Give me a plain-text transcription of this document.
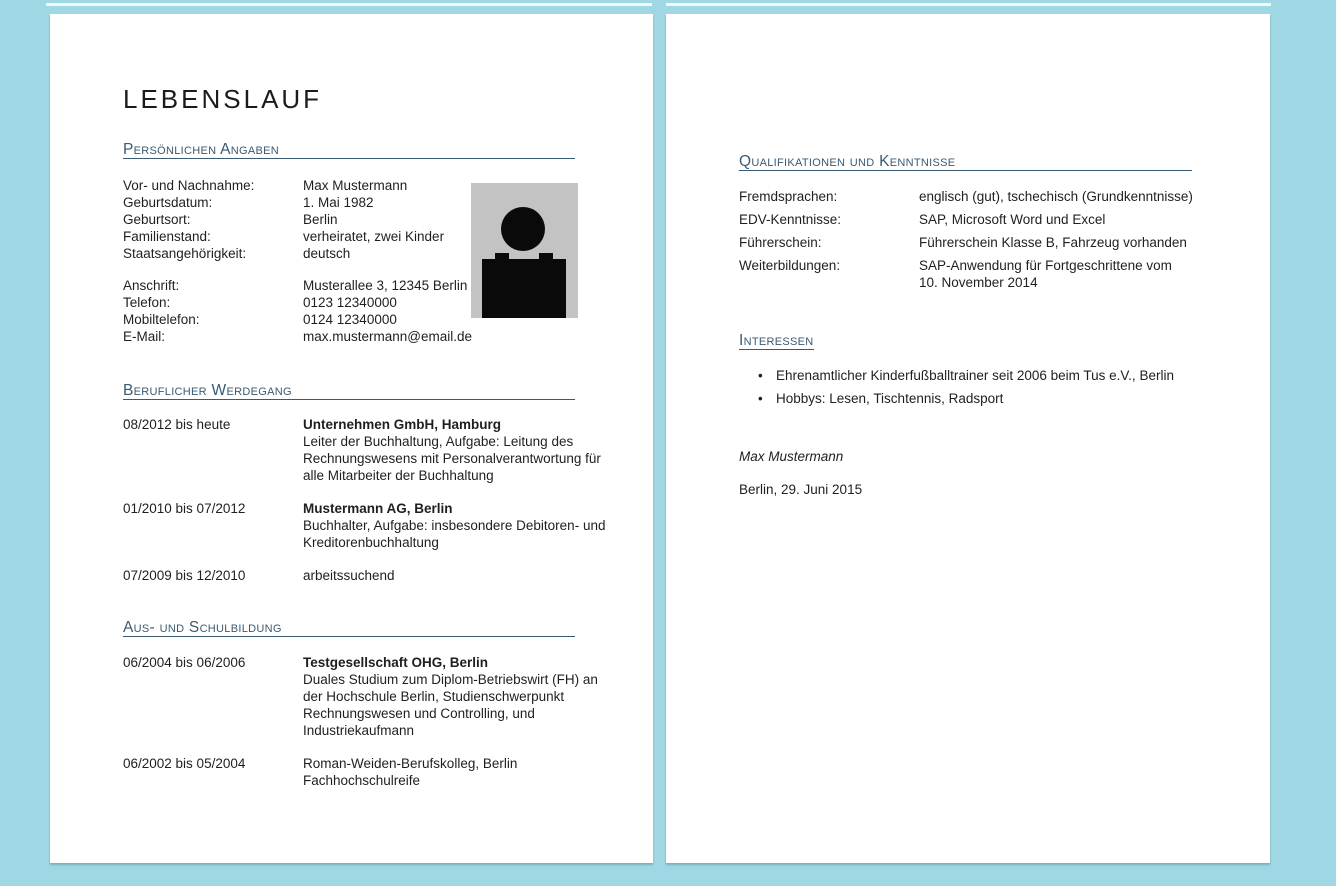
LEBENSLAUF
Persönlichen Angaben
Vor- und Nachnahme:	Max Mustermann
Geburtsdatum:	1. Mai 1982
Geburtsort:	Berlin
Familienstand:	verheiratet, zwei Kinder
Staatsangehörigkeit:	deutsch
Anschrift:	Musterallee 3, 12345 Berlin
Telefon:	0123 12340000
Mobiltelefon:	0124 12340000
E-Mail:	max.mustermann@email.de
Beruflicher Werdegang
08/2012 bis heute	Unternehmen GmbH, Hamburg
Leiter der Buchhaltung, Aufgabe: Leitung des
Rechnungswesens mit Personalverantwortung für
alle Mitarbeiter der Buchhaltung
01/2010 bis 07/2012	Mustermann AG, Berlin
Buchhalter, Aufgabe: insbesondere Debitoren- und
Kreditorenbuchhaltung
07/2009 bis 12/2010	arbeitssuchend
Aus- und Schulbildung
06/2004 bis 06/2006	Testgesellschaft OHG, Berlin
Duales Studium zum Diplom-Betriebswirt (FH) an
der Hochschule Berlin, Studienschwerpunkt
Rechnungswesen und Controlling, und
Industriekaufmann
06/2002 bis 05/2004	Roman-Weiden-Berufskolleg, Berlin
Fachhochschulreife
Qualifikationen und Kenntnisse
Fremdsprachen:	englisch (gut), tschechisch (Grundkenntnisse)
EDV-Kenntnisse:	SAP, Microsoft Word und Excel
Führerschein:	Führerschein Klasse B, Fahrzeug vorhanden
Weiterbildungen:	SAP-Anwendung für Fortgeschrittene vom
10. November 2014
Interessen
• Ehrenamtlicher Kinderfußballtrainer seit 2006 beim Tus e.V., Berlin
• Hobbys: Lesen, Tischtennis, Radsport
Max Mustermann
Berlin, 29. Juni 2015
